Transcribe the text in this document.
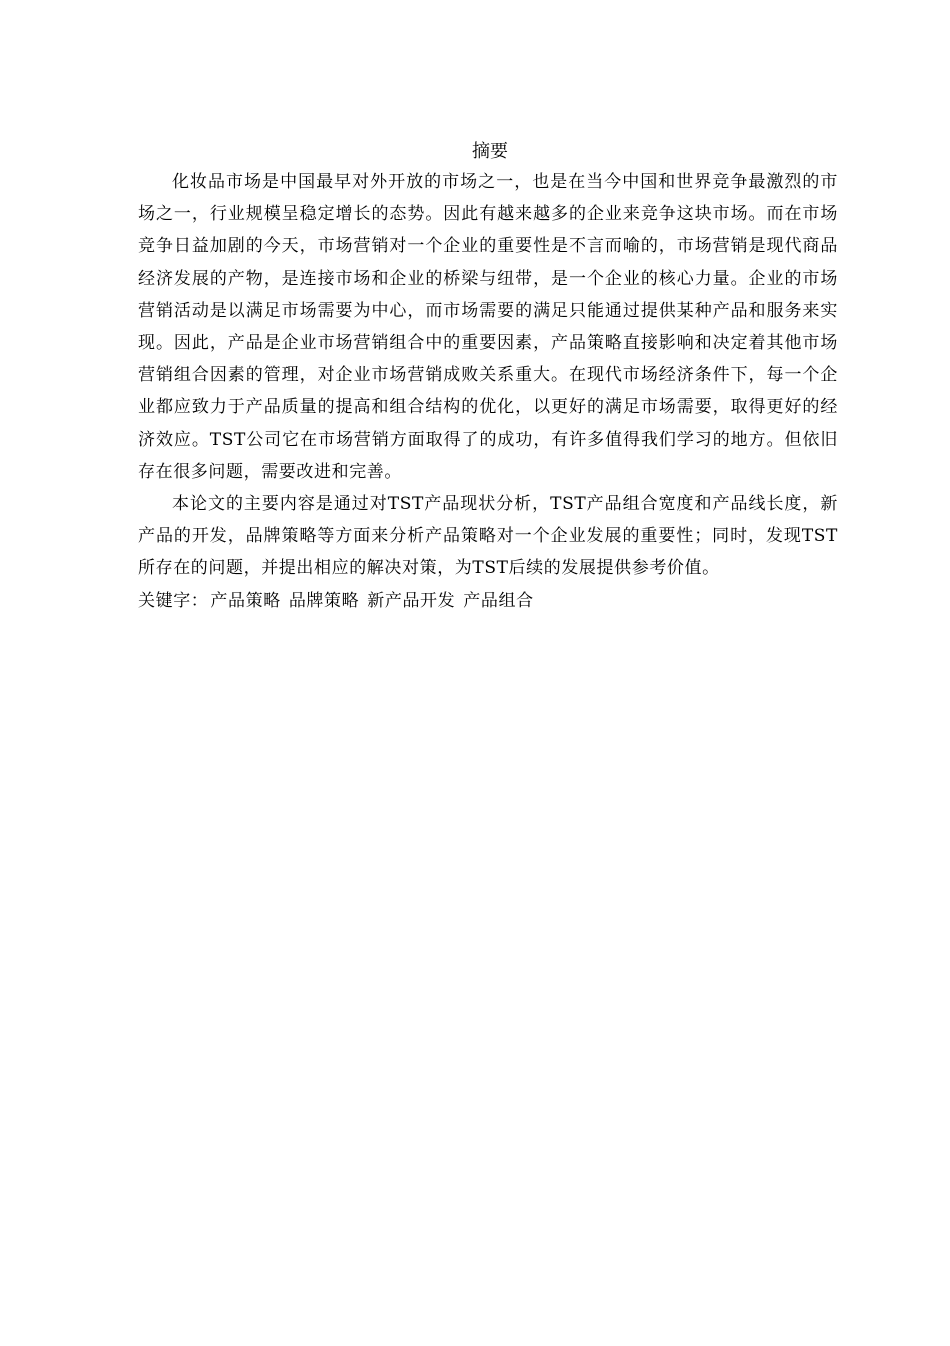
摘要

化妆品市场是中国最早对外开放的市场之一，也是在当今中国和世界竞争最激烈的市场之一，行业规模呈稳定增长的态势。因此有越来越多的企业来竞争这块市场。而在市场竞争日益加剧的今天，市场营销对一个企业的重要性是不言而喻的，市场营销是现代商品经济发展的产物，是连接市场和企业的桥梁与纽带，是一个企业的核心力量。企业的市场营销活动是以满足市场需要为中心，而市场需要的满足只能通过提供某种产品和服务来实现。因此，产品是企业市场营销组合中的重要因素，产品策略直接影响和决定着其他市场营销组合因素的管理，对企业市场营销成败关系重大。在现代市场经济条件下，每一个企业都应致力于产品质量的提高和组合结构的优化，以更好的满足市场需要，取得更好的经济效应。TST公司它在市场营销方面取得了的成功，有许多值得我们学习的地方。但依旧存在很多问题，需要改进和完善。

本论文的主要内容是通过对TST产品现状分析，TST产品组合宽度和产品线长度，新产品的开发，品牌策略等方面来分析产品策略对一个企业发展的重要性；同时，发现TST所存在的问题，并提出相应的解决对策，为TST后续的发展提供参考价值。

关键字： 产品策略 品牌策略 新产品开发 产品组合
